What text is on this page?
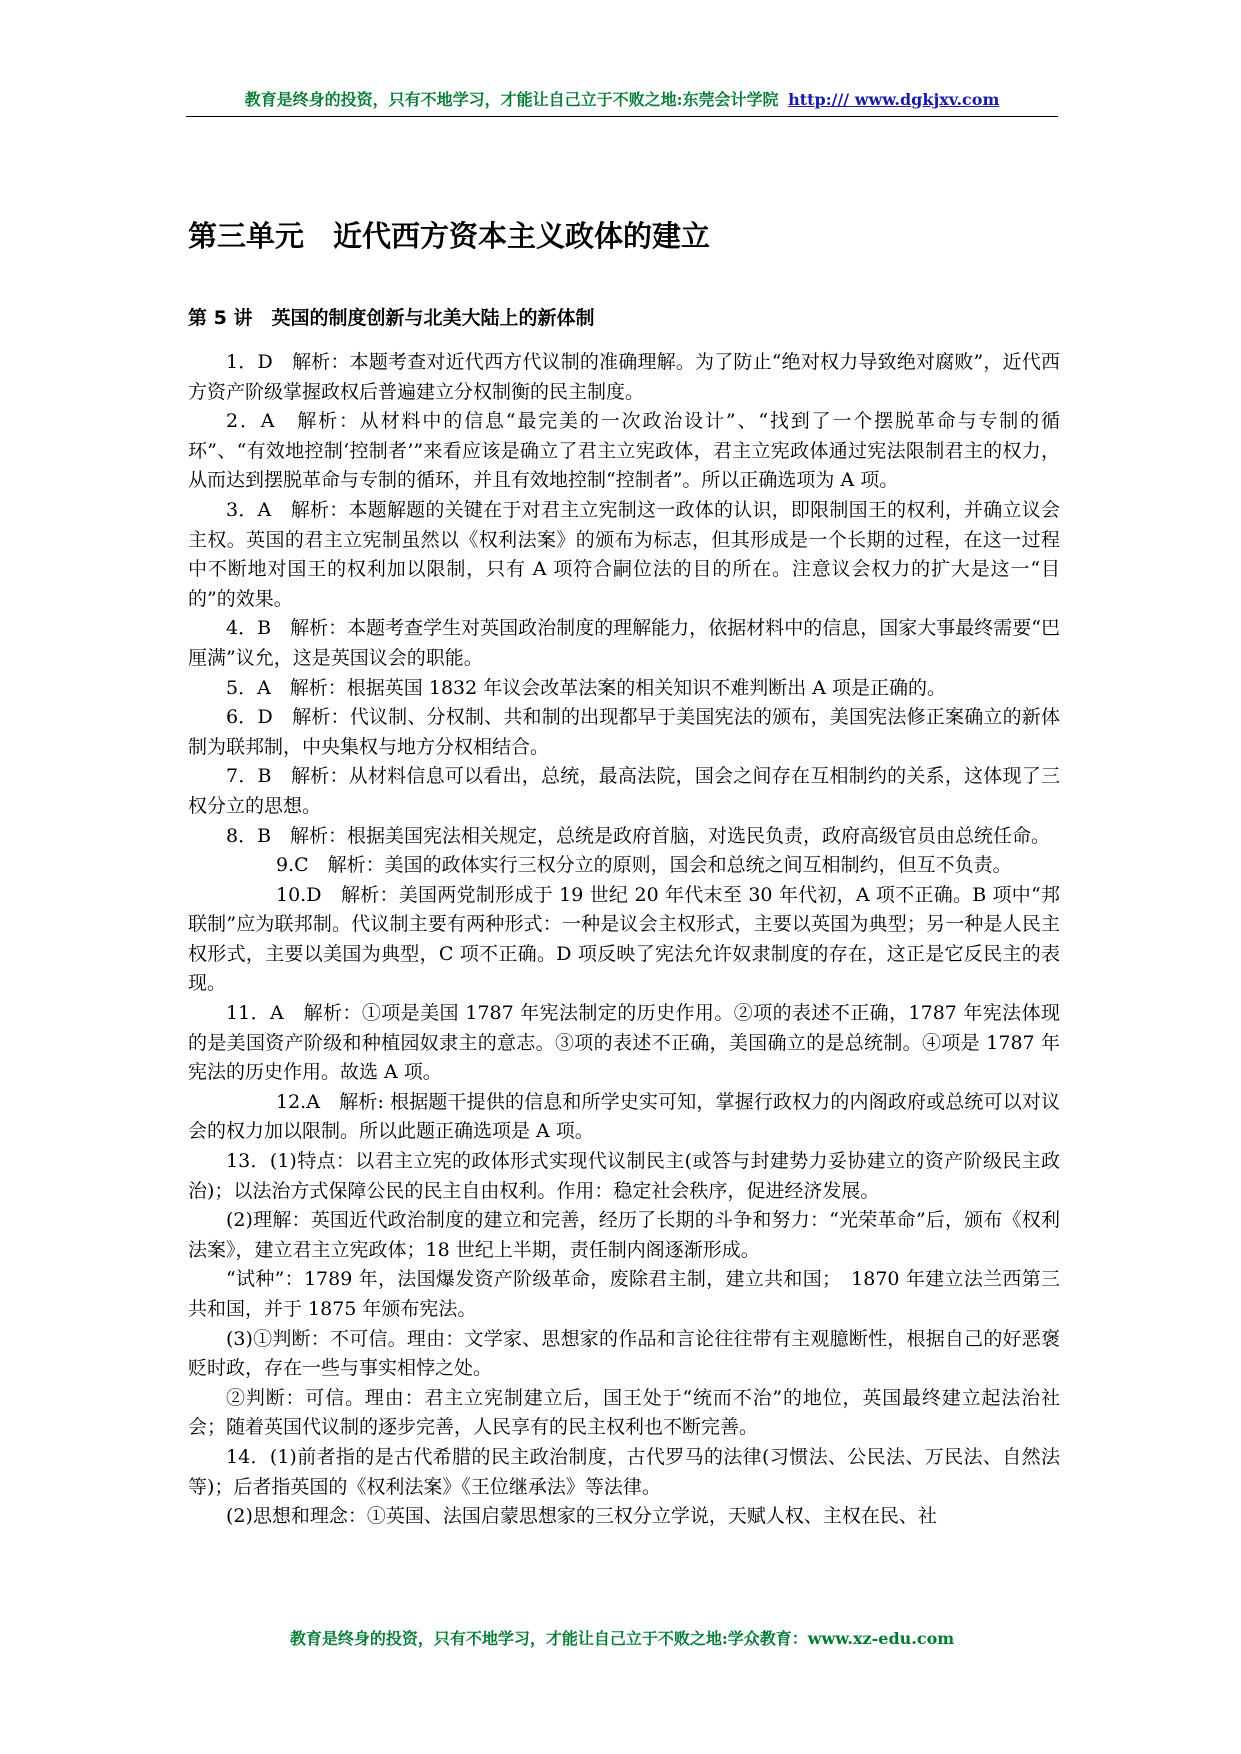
教育是终身的投资，只有不地学习，才能让自己立于不败之地:东莞会计学院 http:/// www.dgkjxv.com
第三单元　近代西方资本主义政体的建立
第 5 讲　英国的制度创新与北美大陆上的新体制

1．D　解析：本题考查对近代西方代议制的准确理解。为了防止“绝对权力导致绝对腐败”，近代西方资产阶级掌握政权后普遍建立分权制衡的民主制度。

2．A　解析：从材料中的信息“最完美的一次政治设计”、“找到了一个摆脱革命与专制的循环”、“有效地控制‘控制者’”来看应该是确立了君主立宪政体，君主立宪政体通过宪法限制君主的权力，从而达到摆脱革命与专制的循环，并且有效地控制“控制者”。所以正确选项为 A 项。

3．A　解析：本题解题的关键在于对君主立宪制这一政体的认识，即限制国王的权利，并确立议会主权。英国的君主立宪制虽然以《权利法案》的颁布为标志，但其形成是一个长期的过程，在这一过程中不断地对国王的权利加以限制，只有 A 项符合嗣位法的目的所在。注意议会权力的扩大是这一“目的”的效果。

4．B　解析：本题考查学生对英国政治制度的理解能力，依据材料中的信息，国家大事最终需要“巴厘满”议允，这是英国议会的职能。

5．A　解析：根据英国 1832 年议会改革法案的相关知识不难判断出 A 项是正确的。

6．D　解析：代议制、分权制、共和制的出现都早于美国宪法的颁布，美国宪法修正案确立的新体制为联邦制，中央集权与地方分权相结合。

7．B　解析：从材料信息可以看出，总统，最高法院，国会之间存在互相制约的关系，这体现了三权分立的思想。

8．B　解析：根据美国宪法相关规定，总统是政府首脑，对选民负责，政府高级官员由总统任命。

9.C　解析：美国的政体实行三权分立的原则，国会和总统之间互相制约，但互不负责。

10.D　解析：美国两党制形成于 19 世纪 20 年代末至 30 年代初，A 项不正确。B 项中“邦联制”应为联邦制。代议制主要有两种形式：一种是议会主权形式，主要以英国为典型；另一种是人民主权形式，主要以美国为典型，C 项不正确。D 项反映了宪法允许奴隶制度的存在，这正是它反民主的表现。

11．A　解析：①项是美国 1787 年宪法制定的历史作用。②项的表述不正确，1787 年宪法体现的是美国资产阶级和种植园奴隶主的意志。③项的表述不正确，美国确立的是总统制。④项是 1787 年宪法的历史作用。故选 A 项。

12.A　解析: 根据题干提供的信息和所学史实可知，掌握行政权力的内阁政府或总统可以对议会的权力加以限制。所以此题正确选项是 A 项。

13．(1)特点：以君主立宪的政体形式实现代议制民主(或答与封建势力妥协建立的资产阶级民主政治)；以法治方式保障公民的民主自由权利。作用：稳定社会秩序，促进经济发展。

(2)理解：英国近代政治制度的建立和完善，经历了长期的斗争和努力：“光荣革命”后，颁布《权利法案》，建立君主立宪政体；18 世纪上半期，责任制内阁逐渐形成。

“试种”：1789 年，法国爆发资产阶级革命，废除君主制，建立共和国；　1870 年建立法兰西第三共和国，并于 1875 年颁布宪法。

(3)①判断：不可信。理由：文学家、思想家的作品和言论往往带有主观臆断性，根据自己的好恶褒贬时政，存在一些与事实相悖之处。

②判断：可信。理由：君主立宪制建立后，国王处于“统而不治”的地位，英国最终建立起法治社会；随着英国代议制的逐步完善，人民享有的民主权利也不断完善。

14．(1)前者指的是古代希腊的民主政治制度，古代罗马的法律(习惯法、公民法、万民法、自然法等)；后者指英国的《权利法案》《王位继承法》等法律。

(2)思想和理念：①英国、法国启蒙思想家的三权分立学说，天赋人权、主权在民、社

教育是终身的投资，只有不地学习，才能让自己立于不败之地:学众教育：www.xz-edu.com
